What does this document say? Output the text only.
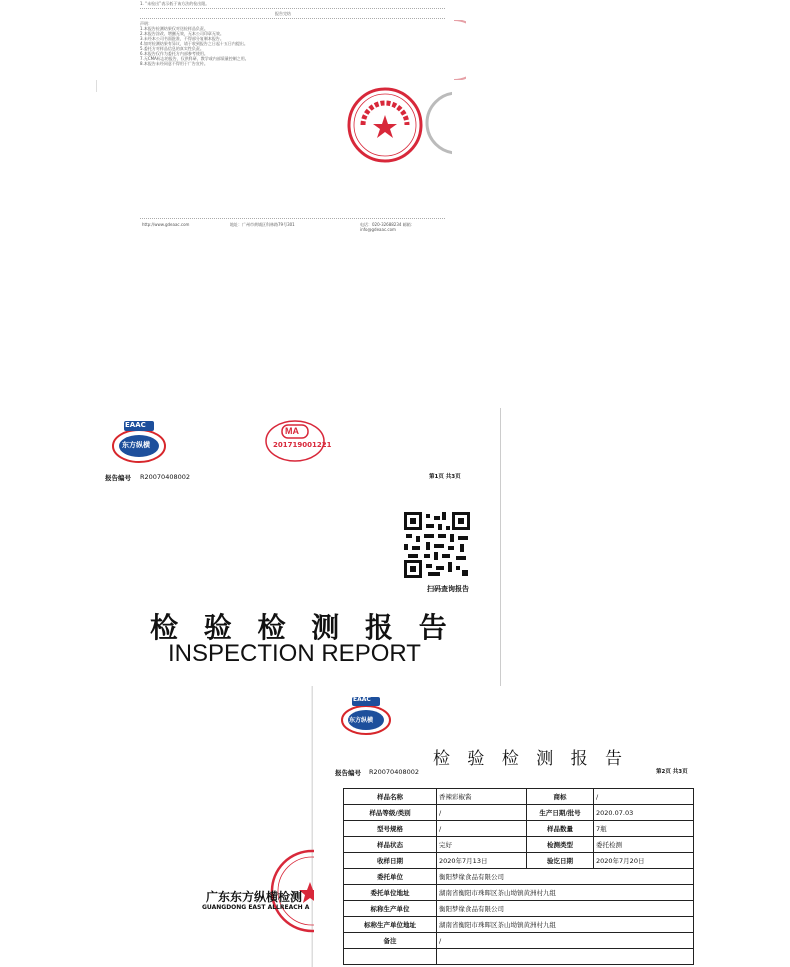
1. “未检出”表示低于该方法的检出限。
报告完结
声明：
1.本报告检测结果仅对送检样品负责。
2.本报告涂改、增删无效，无本公司印章无效。
3.未经本公司书面批准，不得部分复制本报告。
4.如对检测结果有异议，请于收到报告之日起十五日内提出。
5.委托方对样品信息的真实性负责。
6.本报告仅作为委托方内部参考使用。
7.无CMA标志的报告，仅供科研、教学或内部质量控制之用。
8.本报告未经同意不得用于广告宣传。
http://www.gdeaac.com	地址：广州市黄埔区科林路79号301	电话：020-32688234 邮箱：info@gdeaac.com
EAAC
东方纵横
MA
201719001221
报告编号 R20070408002	第1页 共3页
扫码查询报告
检 验 检 测 报 告
INSPECTION REPORT
EAAC
东方纵横
检 验 检 测 报 告
报告编号 R20070408002	第2页 共3页
样品名称	香辣彩椒酱	商标	/
样品等级/类别	/	生产日期/批号	2020.07.03
型号规格	/	样品数量	7瓶
样品状态	完好	检测类型	委托检测
收样日期	2020年7月13日	验讫日期	2020年7月20日
委托单位	衡阳梦缘食品有限公司		
委托单位地址	湖南省衡阳市珠晖区茶山坳镇黄洲村九组		
标称生产单位	衡阳梦缘食品有限公司		
标称生产单位地址	湖南省衡阳市珠晖区茶山坳镇黄洲村九组		
备注	/		

广东东方纵横检测
GUANGDONG EAST ALLREACH A
